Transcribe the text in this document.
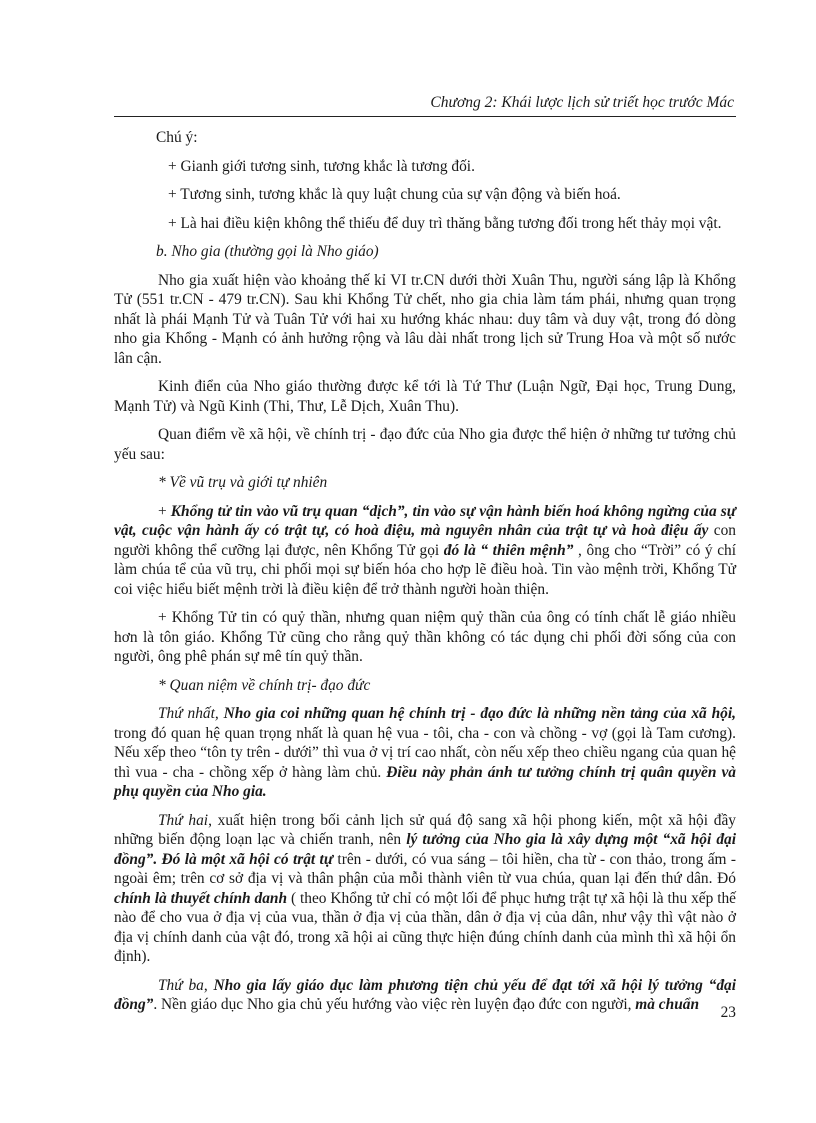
Chương 2: Khái lược lịch sử triết học trước Mác

Chú ý:

+ Gianh giới tương sinh, tương khắc là tương đối.

+ Tương sinh, tương khắc là quy luật chung của sự vận động và biến hoá.

+ Là hai điều kiện không thể thiếu để duy trì thăng bằng tương đối trong hết thảy mọi vật.

b. Nho gia (thường gọi là Nho giáo)

Nho gia xuất hiện vào khoảng thế kỉ VI tr.CN dưới thời Xuân Thu, người sáng lập là Khổng Tử (551 tr.CN - 479 tr.CN). Sau khi Khổng Tử chết, nho gia chia làm tám phái, nhưng quan trọng nhất là phái Mạnh Tử và Tuân Tử với hai xu hướng khác nhau: duy tâm và duy vật, trong đó dòng nho gia Khổng - Mạnh có ảnh hưởng rộng và lâu dài nhất trong lịch sử Trung Hoa và một số nước lân cận.

Kinh điển của Nho giáo thường được kể tới là Tứ Thư (Luận Ngữ, Đại học, Trung Dung, Mạnh Tử) và Ngũ Kinh (Thi, Thư, Lễ Dịch, Xuân Thu).

Quan điểm về xã hội, về chính trị - đạo đức của Nho gia được thể hiện ở những tư tưởng chủ yếu sau:

* Về vũ trụ và giới tự nhiên

+ Khổng tử tin vào vũ trụ quan “dịch”, tin vào sự vận hành biến hoá không ngừng của sự vật, cuộc vận hành ấy có trật tự, có hoà điệu, mà nguyên nhân của trật tự và hoà điệu ấy con người không thể cưỡng lại được, nên Khổng Tử gọi đó là “ thiên mệnh” , ông cho “Trời” có ý chí làm chúa tể của vũ trụ, chi phối mọi sự biến hóa cho hợp lẽ điều hoà. Tin vào mệnh trời, Khổng Tử coi việc hiểu biết mệnh trời là điều kiện để trở thành người hoàn thiện.

+ Khổng Tử tin có quỷ thần, nhưng quan niệm quỷ thần của ông có tính chất lễ giáo nhiều hơn là tôn giáo. Khổng Tử cũng cho rằng quỷ thần không có tác dụng chi phối đời sống của con người, ông phê phán sự mê tín quỷ thần.

* Quan niệm về chính trị- đạo đức

Thứ nhất, Nho gia coi những quan hệ chính trị - đạo đức là những nền tảng của xã hội, trong đó quan hệ quan trọng nhất là quan hệ vua - tôi, cha - con và chồng - vợ (gọi là Tam cương). Nếu xếp theo “tôn ty trên - dưới” thì vua ở vị trí cao nhất, còn nếu xếp theo chiều ngang của quan hệ thì vua - cha - chồng xếp ở hàng làm chủ. Điều này phản ánh tư tưởng chính trị quân quyền và phụ quyền của Nho gia.

Thứ hai, xuất hiện trong bối cảnh lịch sử quá độ sang xã hội phong kiến, một xã hội đầy những biến động loạn lạc và chiến tranh, nên lý tưởng của Nho gia là xây dựng một “xã hội đại đồng”. Đó là một xã hội có trật tự trên - dưới, có vua sáng – tôi hiền, cha từ - con thảo, trong ấm - ngoài êm; trên cơ sở địa vị và thân phận của mỗi thành viên từ vua chúa, quan lại đến thứ dân. Đó chính là thuyết chính danh ( theo Khổng tử chỉ có một lối để phục hưng trật tự xã hội là thu xếp thế nào để cho vua ở địa vị của vua, thần ở địa vị của thần, dân ở địa vị của dân, như vậy thì vật nào ở địa vị chính danh của vật đó, trong xã hội ai cũng thực hiện đúng chính danh của mình thì xã hội ổn định).

Thứ ba, Nho gia lấy giáo dục làm phương tiện chủ yếu để đạt tới xã hội lý tưởng “đại đồng”. Nền giáo dục Nho gia chủ yếu hướng vào việc rèn luyện đạo đức con người, mà chuẩn	23
